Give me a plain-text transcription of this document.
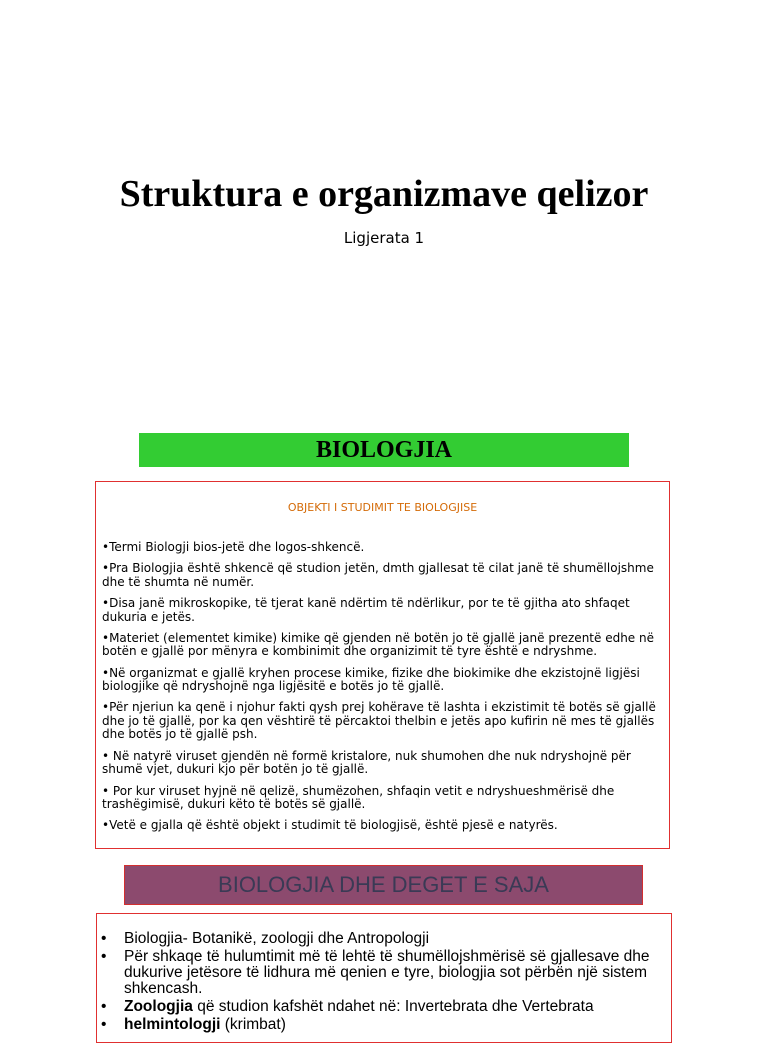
Struktura e organizmave qelizor
Ligjerata 1
BIOLOGJIA
OBJEKTI I STUDIMIT TE BIOLOGJISE

•Termi Biologji bios-jetë dhe logos-shkencë.

•Pra Biologjia është shkencë që studion jetën, dmth gjallesat të cilat janë të shumëllojshme dhe të shumta në numër.

•Disa janë mikroskopike, të tjerat kanë ndërtim të ndërlikur, por te të gjitha ato shfaqet dukuria e jetës.

•Materiet (elementet kimike) kimike që gjenden në botën jo të gjallë janë prezentë edhe në botën e gjallë por mënyra e kombinimit dhe organizimit të tyre është e ndryshme.

•Në organizmat e gjallë kryhen procese kimike, fizike dhe biokimike dhe ekzistojnë ligjësi biologjike që ndryshojnë nga ligjësitë e botës jo të gjallë.

•Për njeriun ka qenë i njohur fakti qysh prej kohërave të lashta i ekzistimit të botës së gjallë dhe jo të gjallë, por ka qen vështirë të përcaktoi thelbin e jetës apo kufirin në mes të gjallës dhe botës jo të gjallë psh.

• Në natyrë viruset gjendën në formë kristalore, nuk shumohen dhe nuk ndryshojnë për shumë vjet, dukuri kjo për botën jo të gjallë.

• Por kur viruset hyjnë në qelizë, shumëzohen, shfaqin vetit e ndryshueshmërisë dhe trashëgimisë, dukuri këto të botës së gjallë.

•Vetë e gjalla që është objekt i studimit të biologjisë, është pjesë e natyrës.

BIOLOGJIA DHE DEGET E SAJA
• Biologjia- Botanikë, zoologji dhe Antropologji
• Për shkaqe të hulumtimit më të lehtë të shumëllojshmërisë së gjallesave dhe dukurive jetësore të lidhura më qenien e tyre, biologjia sot përbën një sistem shkencash.
• Zoologjia që studion kafshët ndahet në: Invertebrata dhe Vertebrata
• helmintologji (krimbat)
